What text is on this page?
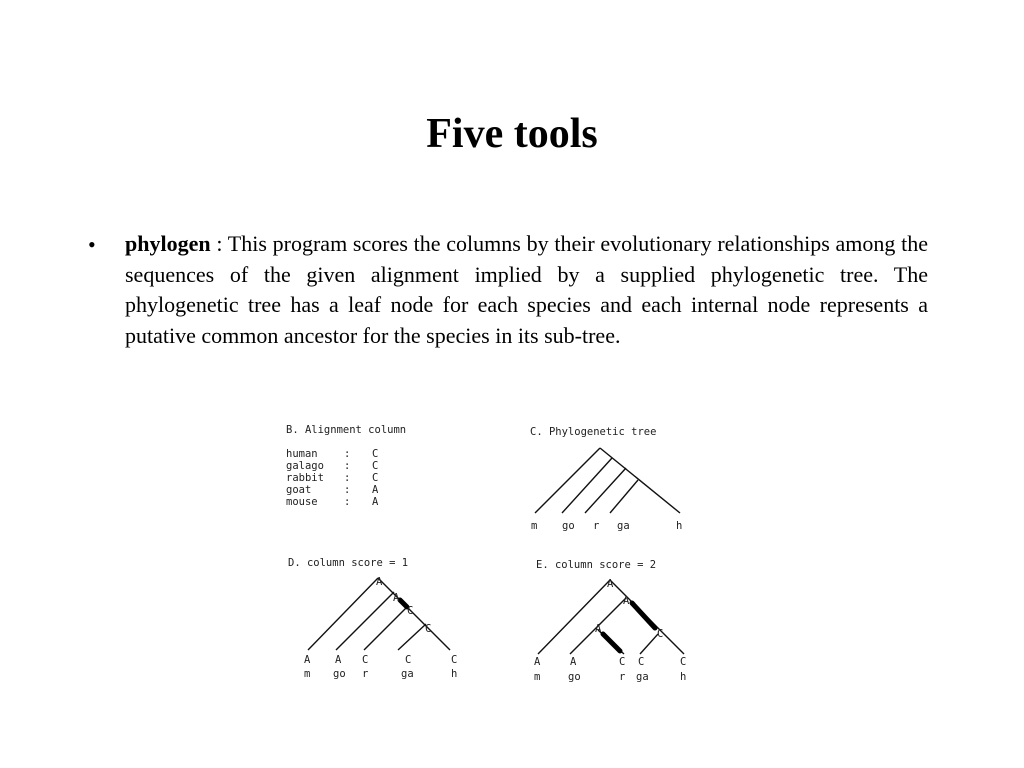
Five tools
• phylogen : This program scores the columns by their evolutionary relationships among the sequences of the given alignment implied by a supplied phylogenetic tree. The phylogenetic tree has a leaf node for each species and each internal node represents a putative common ancestor for the species in its sub-tree.
B. Alignment column
human	: C
galago : C
rabbit : C
goat	: A
mouse	: A
C. Phylogenetic tree
m go r ga	h
D. column score = 1
A
A
C
C
A A C	C	C
m go r	ga	h
E. column score = 2
A
A
A	C
A	A	C C	C
m	go	r ga	h
